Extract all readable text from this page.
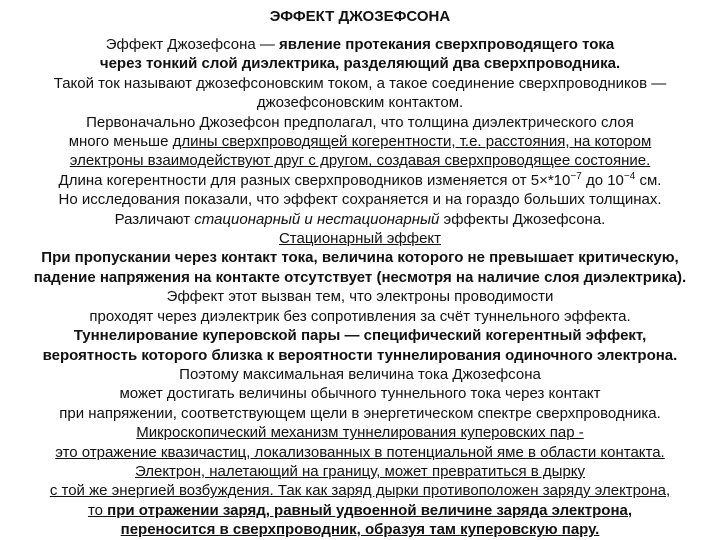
ЭФФЕКТ ДЖОЗЕФСОНА
Эффект Джозефсона — явление протекания сверхпроводящего тока
через тонкий слой диэлектрика, разделяющий два сверхпроводника.
Такой ток называют джозефсоновским током, а такое соединение сверхпроводников —
джозефсоновским контактом.
Первоначально Джозефсон предполагал, что толщина диэлектрического слоя
много меньше длины сверхпроводящей когерентности, т.е. расстояния, на котором
электроны взаимодействуют друг с другом, создавая сверхпроводящее состояние.
Длина когерентности для разных сверхпроводников изменяется от $5\times*10^{-7}$ до $10^{-4}$ см.
Но исследования показали, что эффект сохраняется и на гораздо больших толщинах.
Различают стационарный и нестационарный эффекты Джозефсона.
Стационарный эффект
При пропускании через контакт тока, величина которого не превышает критическую,
падение напряжения на контакте отсутствует (несмотря на наличие слоя диэлектрика).
Эффект этот вызван тем, что электроны проводимости
проходят через диэлектрик без сопротивления за счёт туннельного эффекта.
Туннелирование куперовской пары — специфический когерентный эффект,
вероятность которого близка к вероятности туннелирования одиночного электрона.
Поэтому максимальная величина тока Джозефсона
может достигать величины обычного туннельного тока через контакт
при напряжении, соответствующем щели в энергетическом спектре сверхпроводника.
Микроскопический механизм туннелирования куперовских пар -
это отражение квазичастиц, локализованных в потенциальной яме в области контакта.
Электрон, налетающий на границу, может превратиться в дырку
с той же энергией возбуждения. Так как заряд дырки противоположен заряду электрона,
то при отражении заряд, равный удвоенной величине заряда электрона,
переносится в сверхпроводник, образуя там куперовскую пару.
